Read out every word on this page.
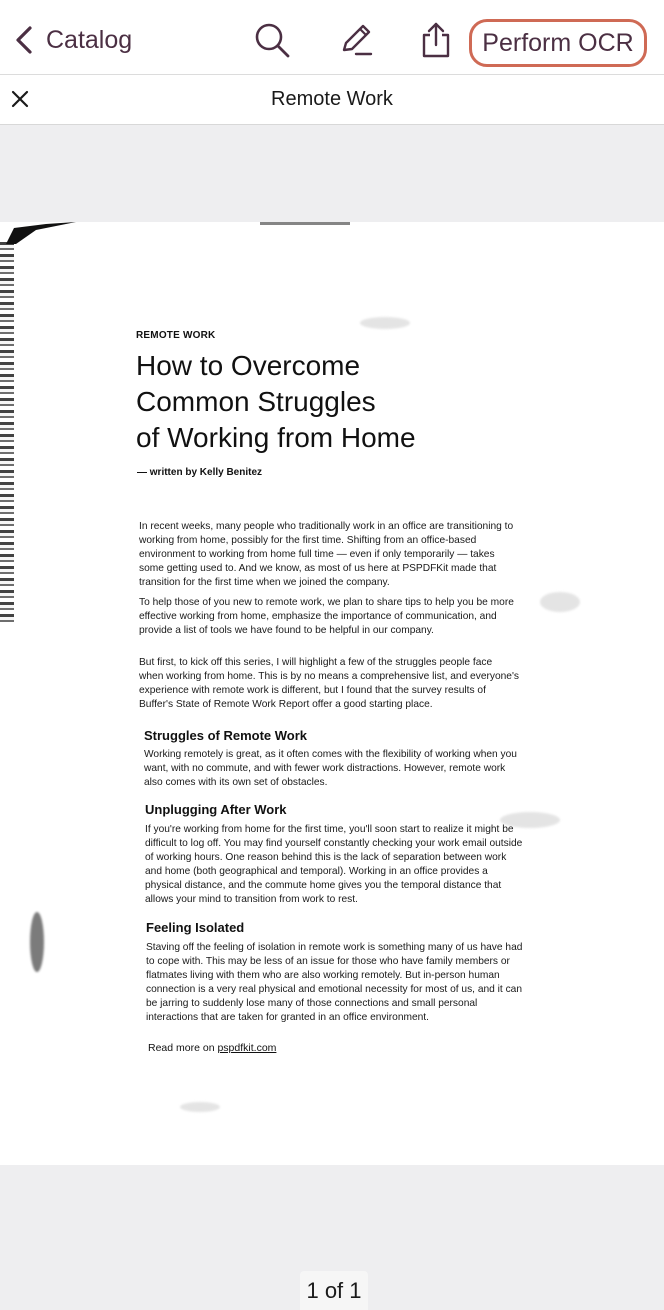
Catalog	Perform OCR
Remote Work
REMOTE WORK
How to Overcome
Common Struggles
of Working from Home
— written by Kelly Benitez
In recent weeks, many people who traditionally work in an office are transitioning to working from home, possibly for the first time. Shifting from an office-based environment to working from home full time — even if only temporarily — takes some getting used to. And we know, as most of us here at PSPDFKit made that transition for the first time when we joined the company.
To help those of you new to remote work, we plan to share tips to help you be more effective working from home, emphasize the importance of communication, and provide a list of tools we have found to be helpful in our company.
But first, to kick off this series, I will highlight a few of the struggles people face when working from home. This is by no means a comprehensive list, and everyone's experience with remote work is different, but I found that the survey results of Buffer's State of Remote Work Report offer a good starting place.
Struggles of Remote Work
Working remotely is great, as it often comes with the flexibility of working when you want, with no commute, and with fewer work distractions. However, remote work also comes with its own set of obstacles.
Unplugging After Work
If you're working from home for the first time, you'll soon start to realize it might be difficult to log off. You may find yourself constantly checking your work email outside of working hours. One reason behind this is the lack of separation between work and home (both geographical and temporal). Working in an office provides a physical distance, and the commute home gives you the temporal distance that allows your mind to transition from work to rest.
Feeling Isolated
Staving off the feeling of isolation in remote work is something many of us have had to cope with. This may be less of an issue for those who have family members or flatmates living with them who are also working remotely. But in-person human connection is a very real physical and emotional necessity for most of us, and it can be jarring to suddenly lose many of those connections and small personal interactions that are taken for granted in an office environment.
Read more on pspdfkit.com
1 of 1
